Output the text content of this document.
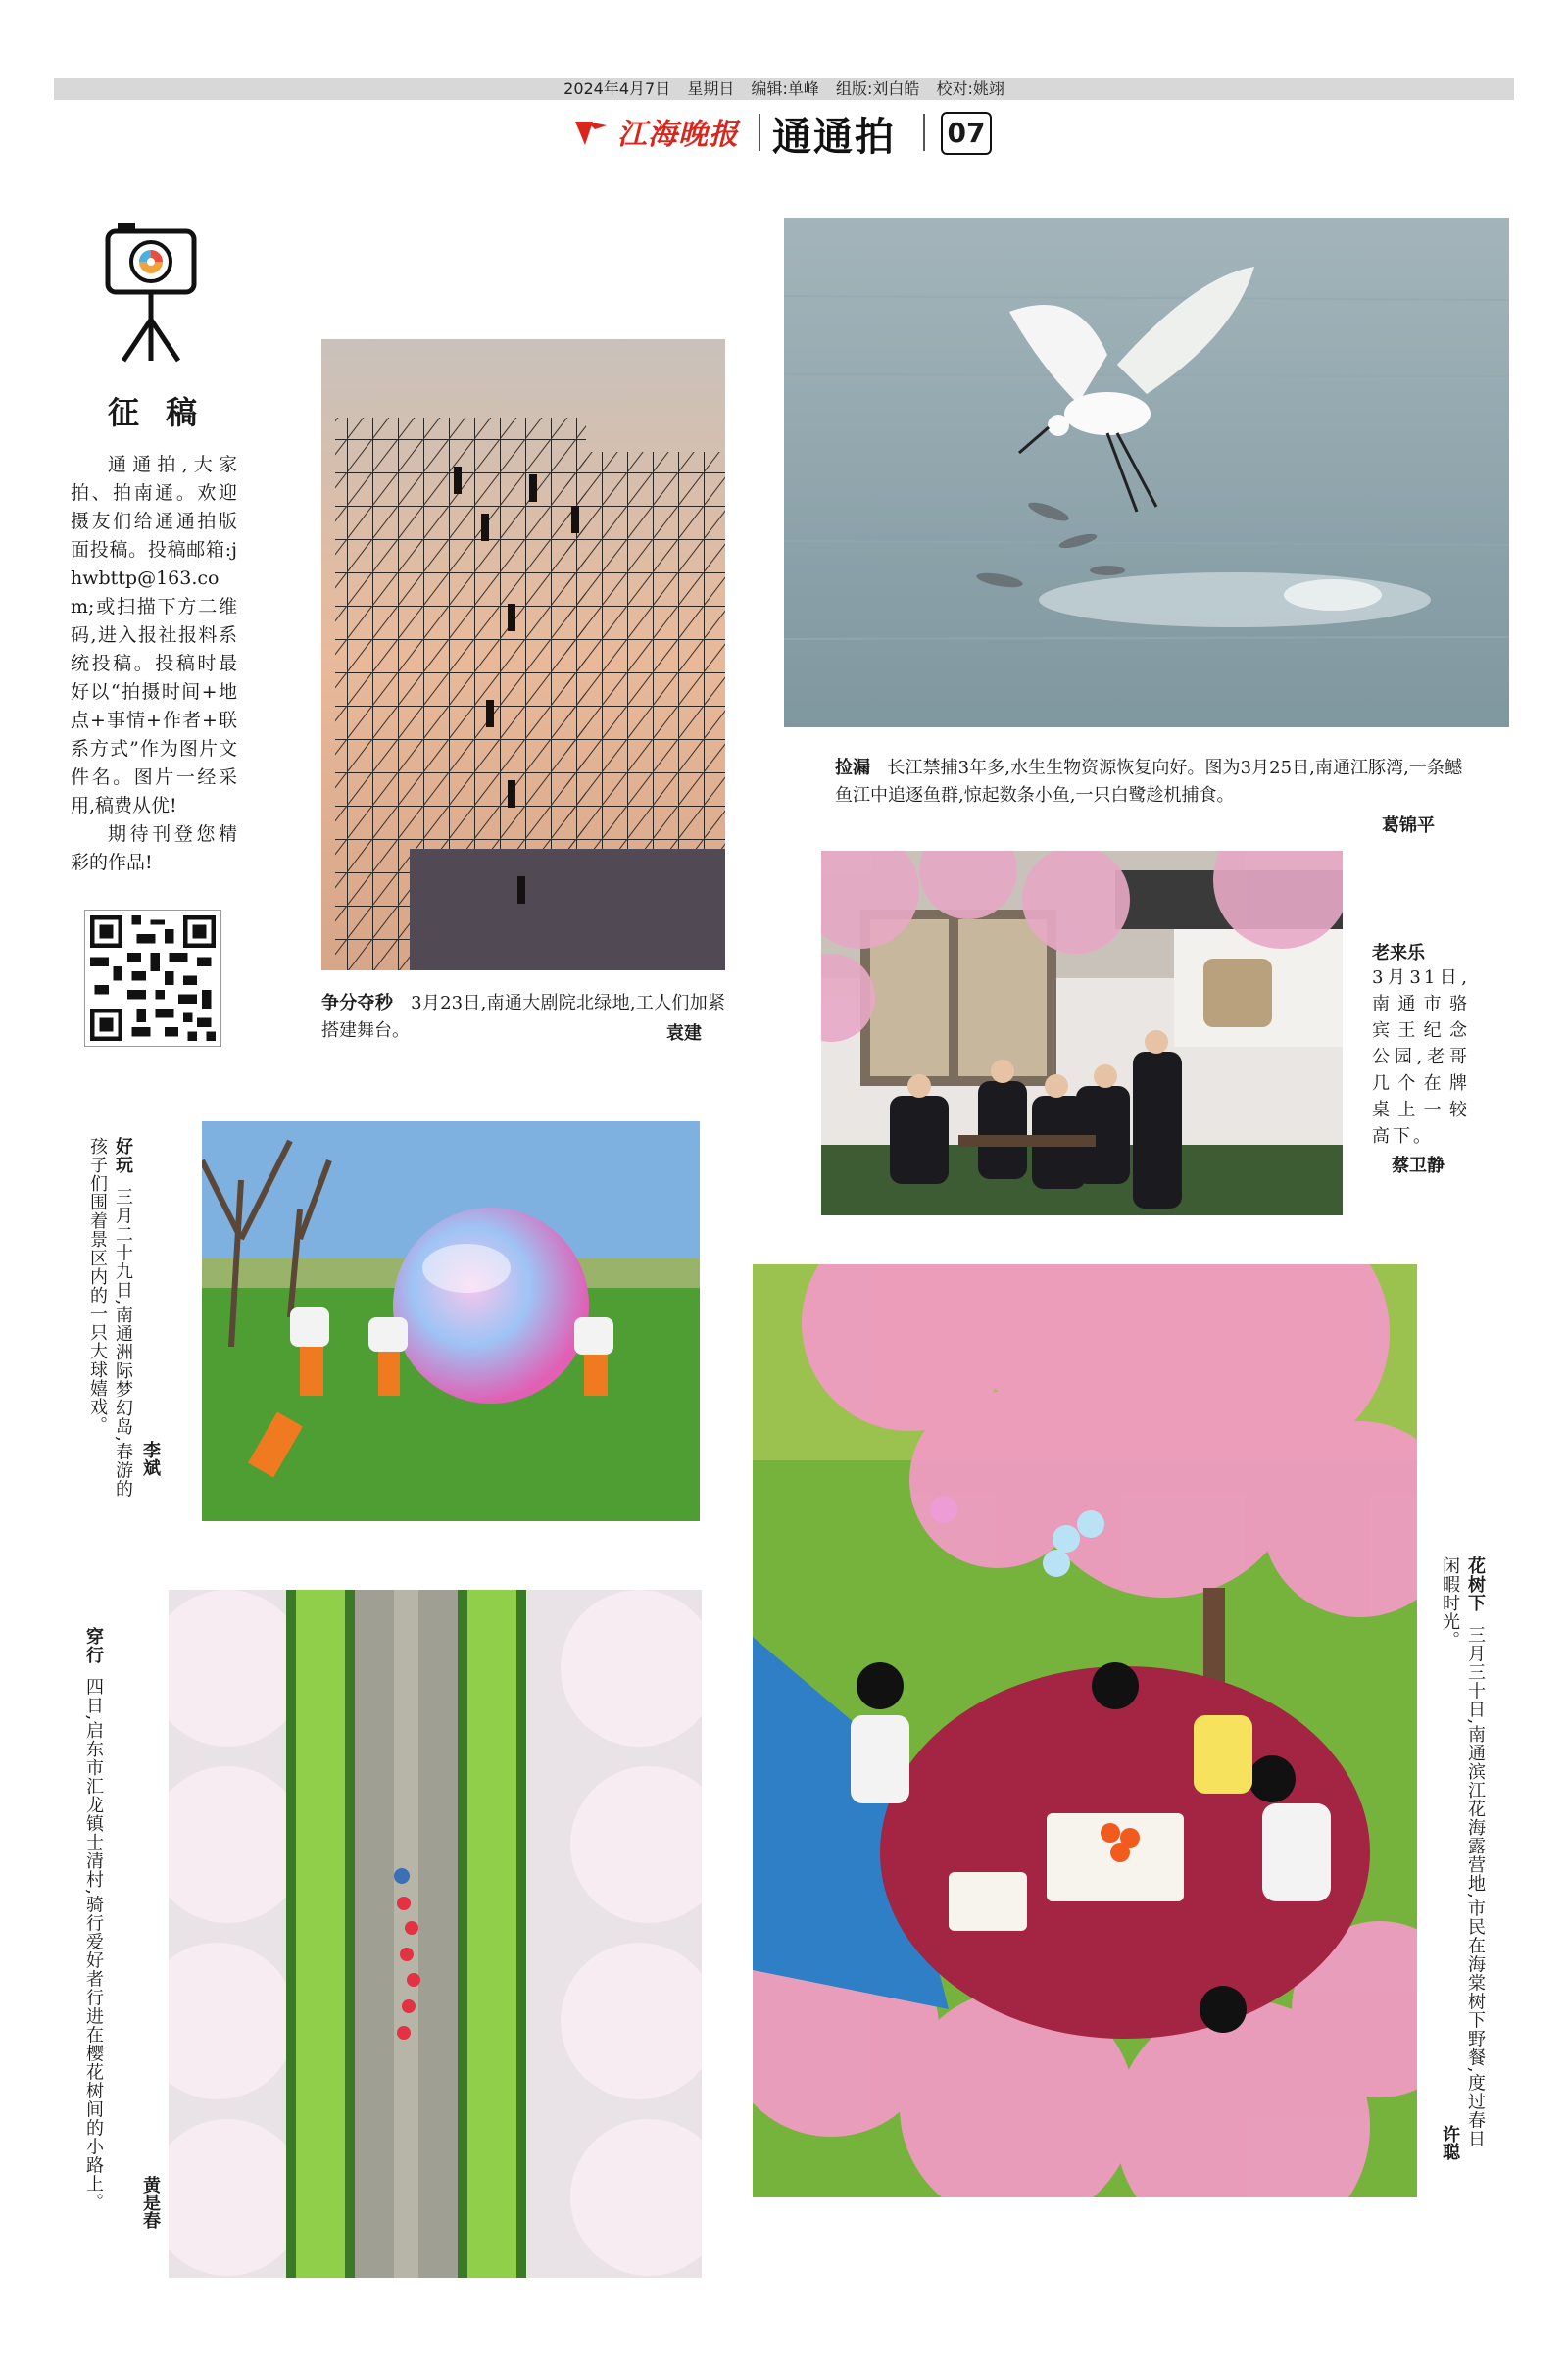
2024年4月7日 星期日 编辑:单峰 组版:刘白皓 校对:姚翊
江海晚报 通通拍 07
征 稿

通通拍,大家拍、拍南通。欢迎摄友们给通通拍版面投稿。投稿邮箱:jhwbttp@163.com;或扫描下方二维码,进入报社报料系统投稿。投稿时最好以“拍摄时间+地点+事情+作者+联系方式”作为图片文件名。图片一经采用,稿费从优!

期待刊登您精彩的作品!

捡漏 长江禁捕3年多,水生生物资源恢复向好。图为3月25日,南通江豚湾,一条鳡鱼江中追逐鱼群,惊起数条小鱼,一只白鹭趁机捕食。
葛锦平
争分夺秒 3月23日,南通大剧院北绿地,工人们加紧搭建舞台。	袁建
老来乐
3月31日,南通市骆宾王纪念公园,老哥几个在牌桌上一较高下。
蔡卫静
好玩  三月二十九日,南通洲际梦幻岛,春游的孩子们围着景区内的一只大球嬉戏。
李斌
花树下  三月三十日,南通滨江花海露营地,市民在海棠树下野餐,度过春日闲暇时光。
许聪
穿行  四日,启东市汇龙镇士清村,骑行爱好者行进在樱花树间的小路上。 黄是春
